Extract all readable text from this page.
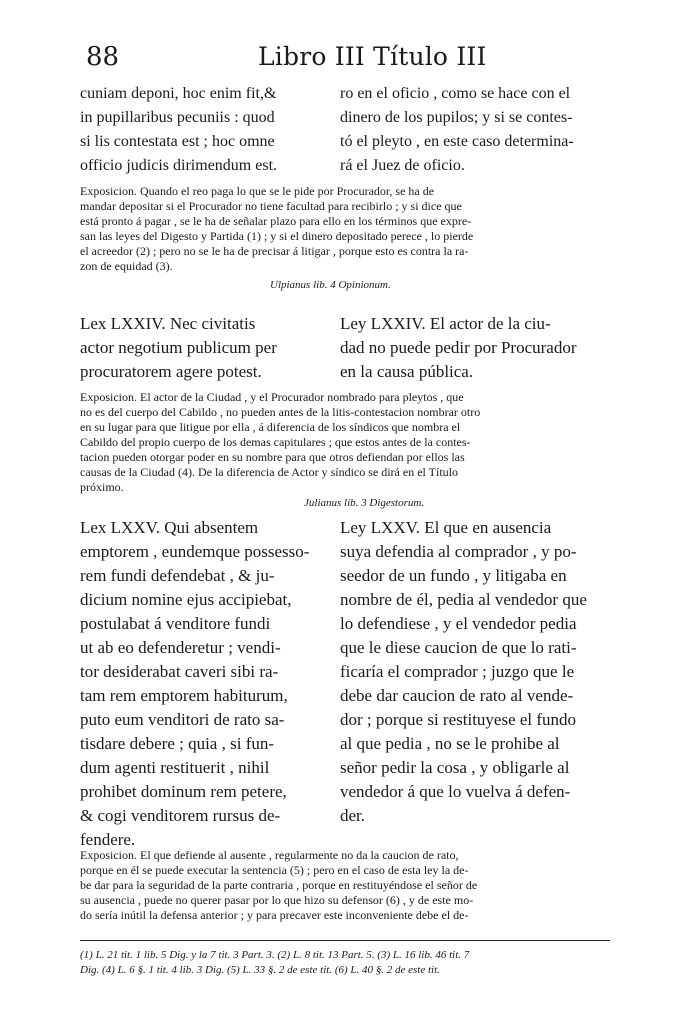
88	Libro III Título III
cuniam deponi, hoc enim fit,&
in pupillaribus pecuniis : quod
si lis contestata est ; hoc omne
officio judicis dirimendum est.
ro en el oficio , como se hace con el
dinero de los pupilos; y si se contes-
tó el pleyto , en este caso determina-
rá el Juez de oficio.
Exposicion. Quando el reo paga lo que se le pide por Procurador, se ha de
mandar depositar si el Procurador no tiene facultad para recibirlo ; y si dice que
está pronto á pagar , se le ha de señalar plazo para ello en los términos que expre-
san las leyes del Digesto y Partida (1) ; y si el dinero depositado perece , lo pierde
el acreedor (2) ; pero no se le ha de precisar á litigar , porque esto es contra la ra-
zon de equidad (3).
Ulpianus lib. 4 Opinionum.
Lex LXXIV. Nec civitatis
actor negotium publicum per
procuratorem agere potest.
Ley LXXIV. El actor de la ciu-
dad no puede pedir por Procurador
en la causa pública.
Exposicion. El actor de la Ciudad , y el Procurador nombrado para pleytos , que
no es del cuerpo del Cabildo , no pueden antes de la litis-contestacion nombrar otro
en su lugar para que litigue por ella , á diferencia de los síndicos que nombra el
Cabildo del propio cuerpo de los demas capitulares ; que estos antes de la contes-
tacion pueden otorgar poder en su nombre para que otros defiendan por ellos las
causas de la Ciudad (4). De la diferencia de Actor y síndico se dirá en el Título
próximo.
Julianus lib. 3 Digestorum.
Lex LXXV. Qui absentem
emptorem , eundemque possesso-
rem fundi defendebat , & ju-
dicium nomine ejus accipiebat,
postulabat á venditore fundi
ut ab eo defenderetur ; vendi-
tor desiderabat caveri sibi ra-
tam rem emptorem habiturum,
puto eum venditori de rato sa-
tisdare debere ; quia , si fun-
dum agenti restituerit , nihil
prohibet dominum rem petere,
& cogi venditorem rursus de-
fendere.
Ley LXXV. El que en ausencia
suya defendia al comprador , y po-
seedor de un fundo , y litigaba en
nombre de él, pedia al vendedor que
lo defendiese , y el vendedor pedia
que le diese caucion de que lo rati-
ficaría el comprador ; juzgo que le
debe dar caucion de rato al vende-
dor ; porque si restituyese el fundo
al que pedia , no se le prohibe al
señor pedir la cosa , y obligarle al
vendedor á que lo vuelva á defen-
der.
Exposicion. El que defiende al ausente , regularmente no da la caucion de rato,
porque en él se puede executar la sentencia (5) ; pero en el caso de esta ley la de-
be dar para la seguridad de la parte contraria , porque en restituyéndose el señor de
su ausencia , puede no querer pasar por lo que hizo su defensor (6) , y de este mo-
do sería inútil la defensa anterior ; y para precaver este inconveniente debe el de-
(1) L. 21 tit. 1 lib. 5 Dig. y la 7 tit. 3 Part. 3. (2) L. 8 tit. 13 Part. 5. (3) L. 16 lib. 46 tit. 7
Dig. (4) L. 6 §. 1 tit. 4 lib. 3 Dig. (5) L. 33 §. 2 de este tit. (6) L. 40 §. 2 de este tit.
